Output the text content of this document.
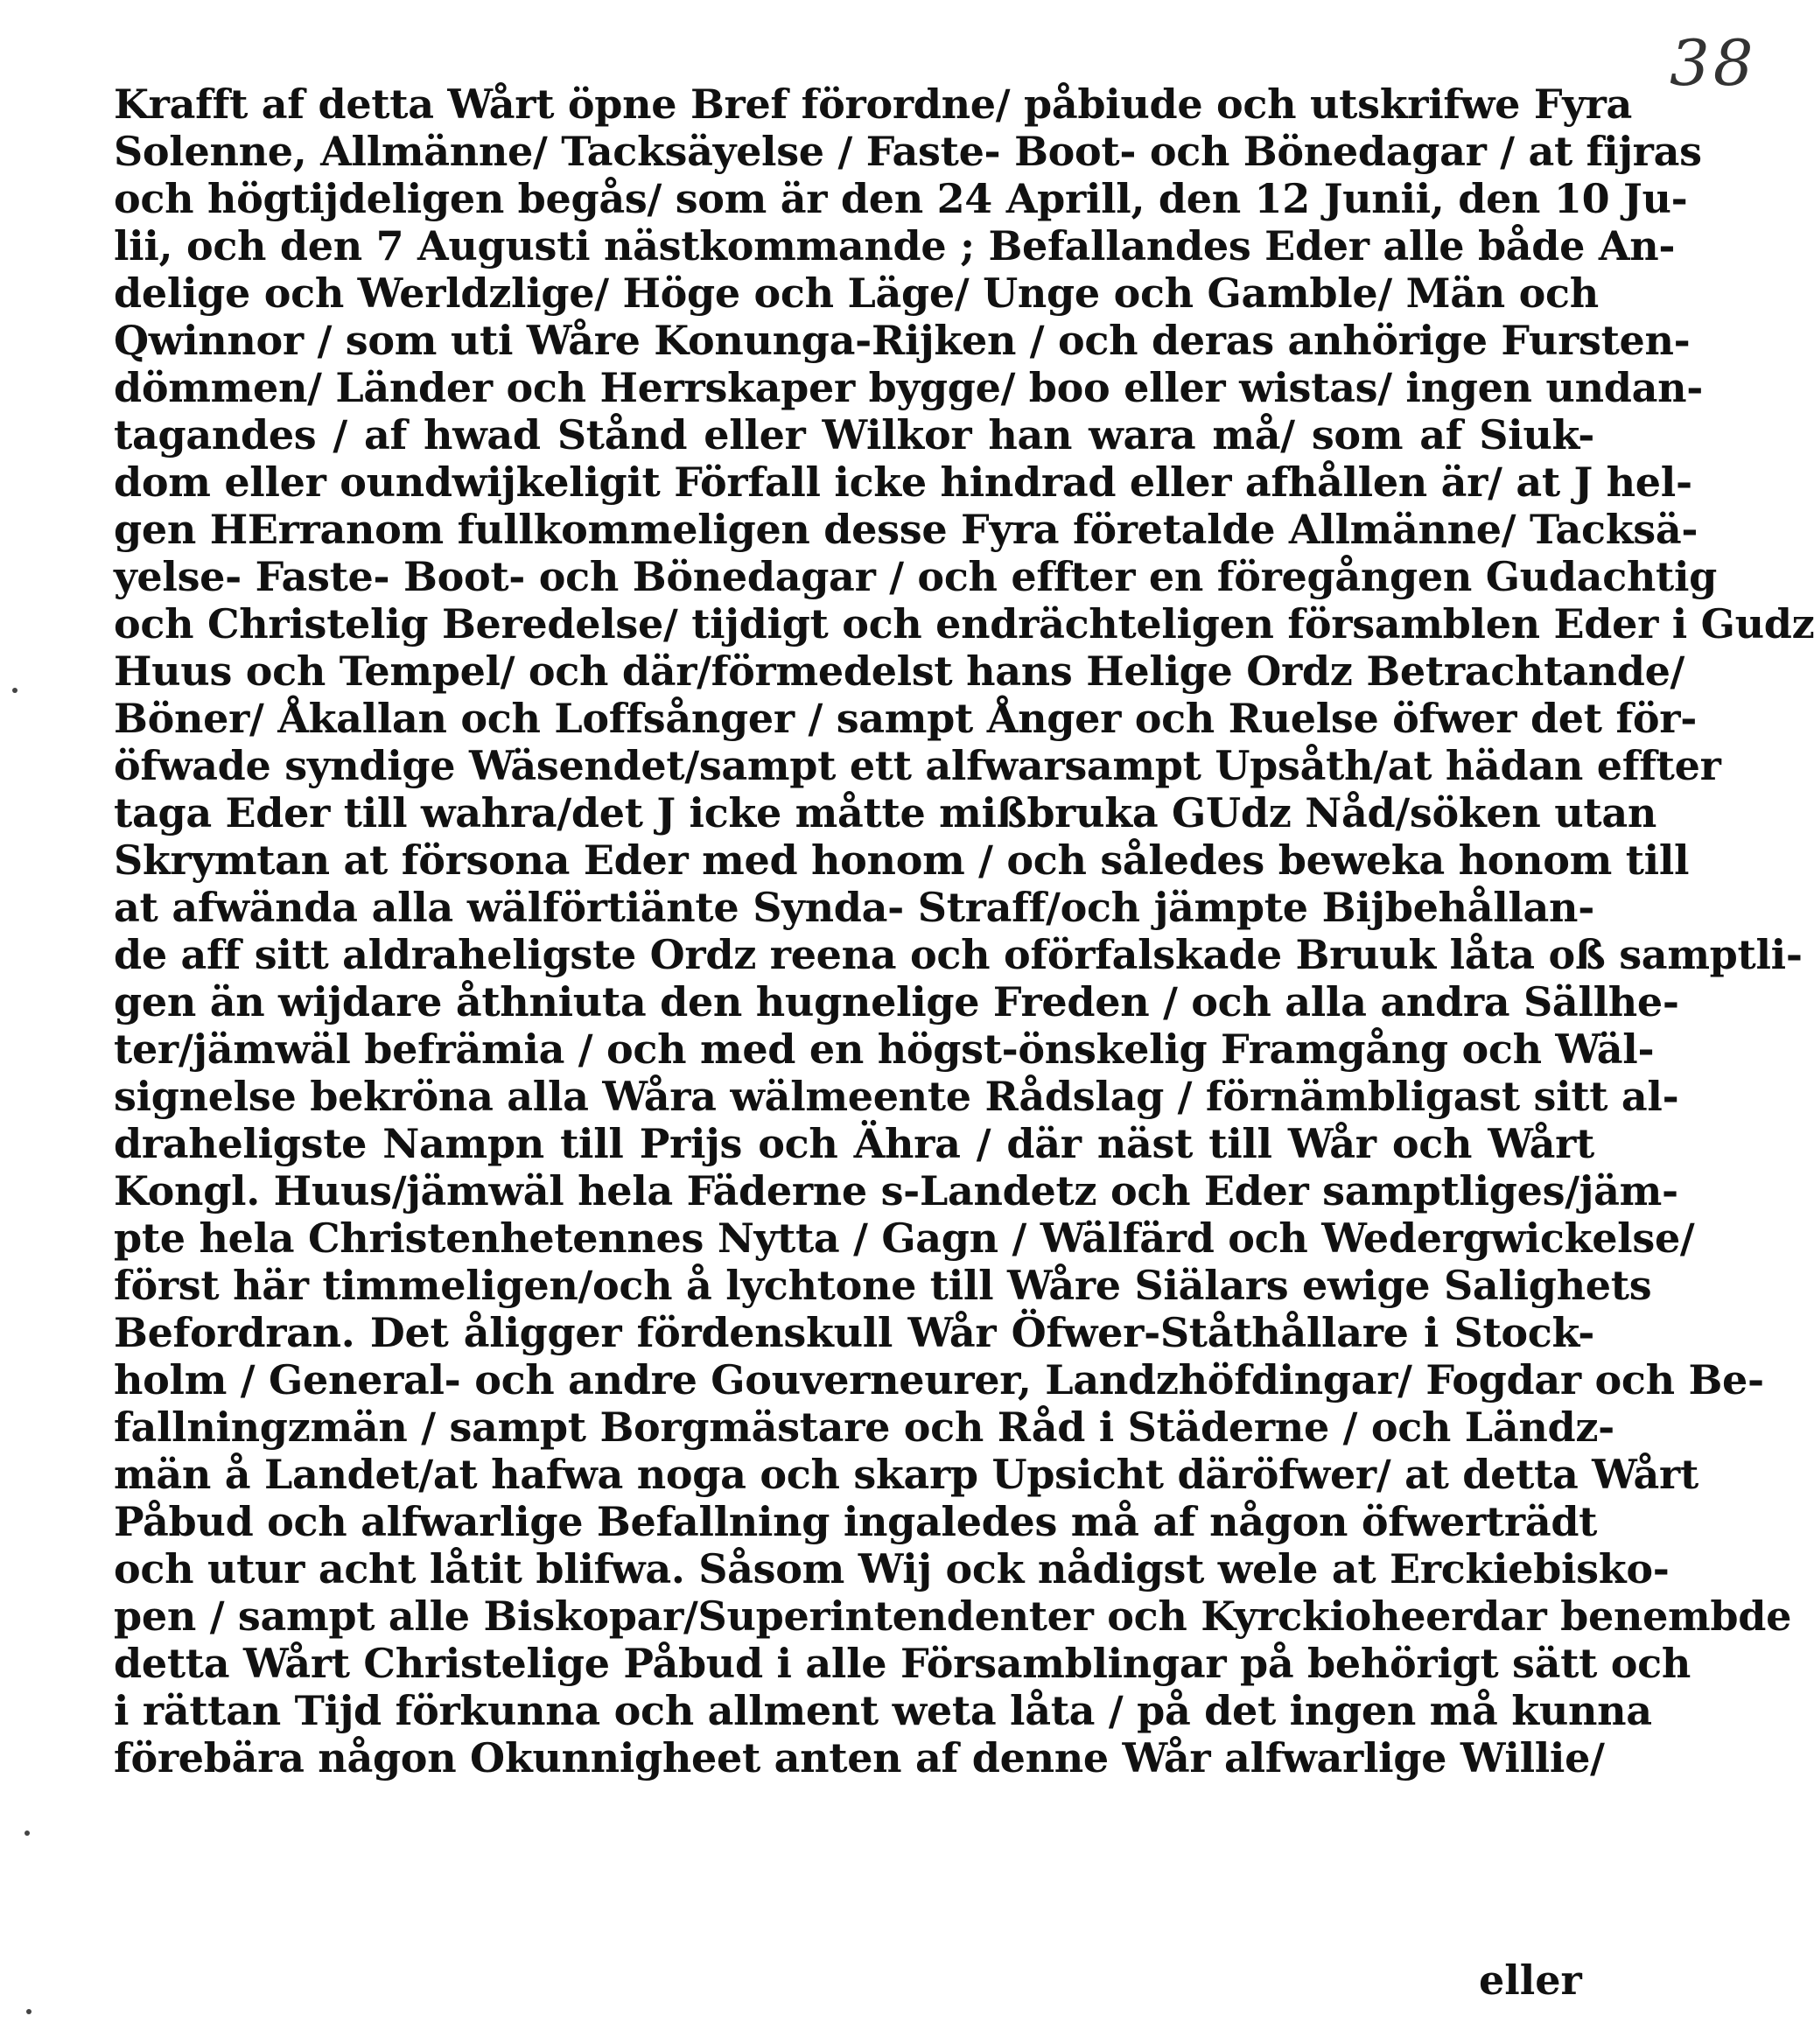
38
Krafft af detta Wårt öpne Bref förordne/ påbiude och utskrifwe Fyra
Solenne, Allmänne/ Tacksäyelse / Faste- Boot- och Bönedagar / at fijras
och högtijdeligen begås/ som är den 24 Aprill, den 12 Junii, den 10 Ju-
lii, och den 7 Augusti nästkommande ; Befallandes Eder alle både An-
delige och Werldzlige/ Höge och Läge/ Unge och Gamble/ Män och
Qwinnor / som uti Wåre Konunga-Rijken / och deras anhörige Fursten-
dömmen/ Länder och Herrskaper bygge/ boo eller wistas/ ingen undan-
tagandes / af hwad Stånd eller Wilkor han wara må/ som af Siuk-
dom eller oundwijkeligit Förfall icke hindrad eller afhållen är/ at J hel-
gen HErranom fullkommeligen desse Fyra företalde Allmänne/ Tacksä-
yelse- Faste- Boot- och Bönedagar / och effter en föregången Gudachtig
och Christelig Beredelse/ tijdigt och endrächteligen församblen Eder i Gudz
Huus och Tempel/ och där/förmedelst hans Helige Ordz Betrachtande/
Böner/ Åkallan och Loffsånger / sampt Ånger och Ruelse öfwer det för-
öfwade syndige Wäsendet/sampt ett alfwarsampt Upsåth/at hädan effter
taga Eder till wahra/det J icke måtte mißbruka GUdz Nåd/söken utan
Skrymtan at försona Eder med honom / och således beweka honom till
at afwända alla wälförtiänte Synda- Straff/och jämpte Bijbehållan-
de aff sitt aldraheligste Ordz reena och oförfalskade Bruuk låta oß samptli-
gen än wijdare åthniuta den hugnelige Freden / och alla andra Sällhe-
ter/jämwäl befrämia / och med en högst-önskelig Framgång och Wäl-
signelse bekröna alla Wåra wälmeente Rådslag / förnämbligast sitt al-
draheligste Nampn till Prijs och Ähra / där näst till Wår och Wårt
Kongl. Huus/jämwäl hela Fäderne s-Landetz och Eder samptliges/jäm-
pte hela Christenhetennes Nytta / Gagn / Wälfärd och Wedergwickelse/
först här timmeligen/och å lychtone till Wåre Siälars ewige Salighets
Befordran. Det åligger fördenskull Wår Öfwer-Ståthållare i Stock-
holm / General- och andre Gouverneurer, Landzhöfdingar/ Fogdar och Be-
fallningzmän / sampt Borgmästare och Råd i Städerne / och Ländz-
män å Landet/at hafwa noga och skarp Upsicht däröfwer/ at detta Wårt
Påbud och alfwarlige Befallning ingaledes må af någon öfwerträdt
och utur acht låtit blifwa. Såsom Wij ock nådigst wele at Erckiebisko-
pen / sampt alle Biskopar/Superintendenter och Kyrckioheerdar benembde
detta Wårt Christelige Påbud i alle Församblingar på behörigt sätt och
i rättan Tijd förkunna och allment weta låta / på det ingen må kunna
förebära någon Okunnigheet anten af denne Wår alfwarlige Willie/
eller
